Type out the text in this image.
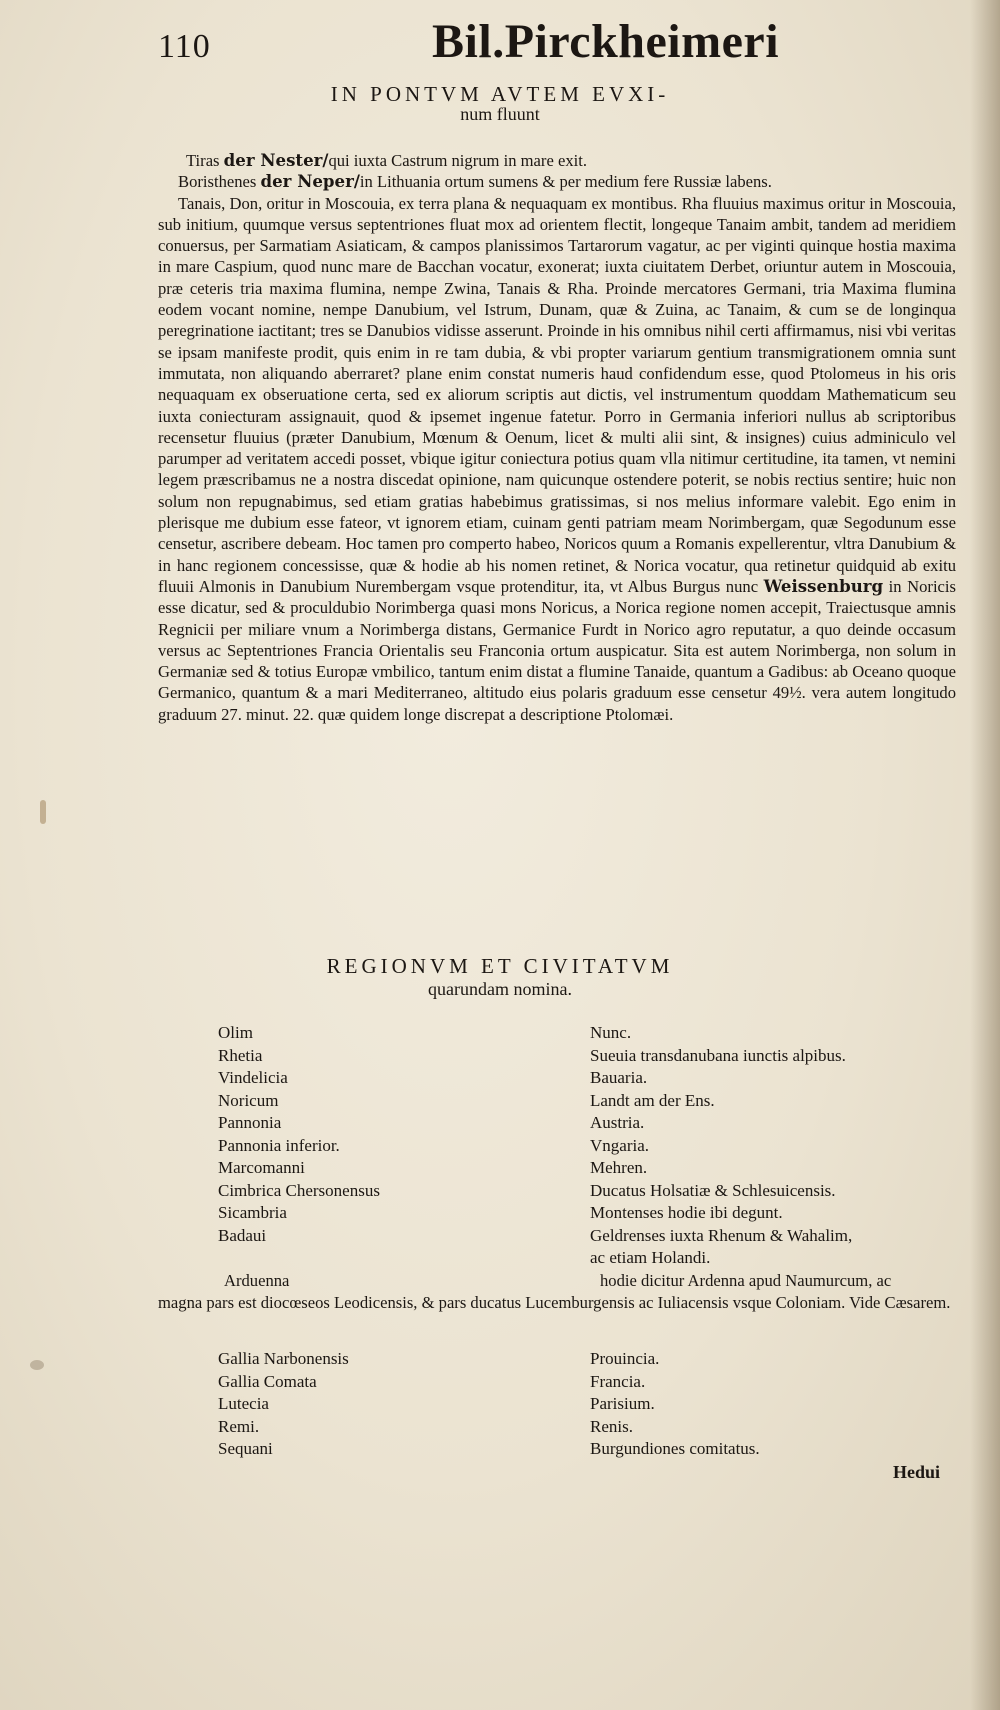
110	Bil.Pirckheimeri
IN PONTVM AVTEM EVXI-
num fluunt

Tiras der Nester/qui iuxta Castrum nigrum in mare exit.

Boristhenes der Neper/in Lithuania ortum sumens & per medium fere Russiæ labens.

Tanais, Don, oritur in Moscouia, ex terra plana & nequaquam ex montibus. Rha fluuius maximus oritur in Moscouia, sub initium, quumque versus septentriones fluat mox ad orientem flectit, longeque Tanaim ambit, tandem ad meridiem conuersus, per Sarmatiam Asiaticam, & campos planissimos Tartarorum vagatur, ac per viginti quinque hostia maxima in mare Caspium, quod nunc mare de Bacchan vocatur, exonerat; iuxta ciuitatem Derbet, oriuntur autem in Moscouia, præ ceteris tria maxima flumina, nempe Zwina, Tanais & Rha. Proinde mercatores Germani, tria Maxima flumina eodem vocant nomine, nempe Danubium, vel Istrum, Dunam, quæ & Zuina, ac Tanaim, & cum se de longinqua peregrinatione iactitant; tres se Danubios vidisse asserunt. Proinde in his omnibus nihil certi affirmamus, nisi vbi veritas se ipsam manifeste prodit, quis enim in re tam dubia, & vbi propter variarum gentium transmigrationem omnia sunt immutata, non aliquando aberraret? plane enim constat numeris haud confidendum esse, quod Ptolomeus in his oris nequaquam ex obseruatione certa, sed ex aliorum scriptis aut dictis, vel instrumentum quoddam Mathematicum seu iuxta coniecturam assignauit, quod & ipsemet ingenue fatetur. Porro in Germania inferiori nullus ab scriptoribus recensetur fluuius (præter Danubium, Mœnum & Oenum, licet & multi alii sint, & insignes) cuius adminiculo vel parumper ad veritatem accedi posset, vbique igitur coniectura potius quam vlla nitimur certitudine, ita tamen, vt nemini legem præscribamus ne a nostra discedat opinione, nam quicunque ostendere poterit, se nobis rectius sentire; huic non solum non repugnabimus, sed etiam gratias habebimus gratissimas, si nos melius informare valebit. Ego enim in plerisque me dubium esse fateor, vt ignorem etiam, cuinam genti patriam meam Norimbergam, quæ Segodunum esse censetur, ascribere debeam. Hoc tamen pro comperto habeo, Noricos quum a Romanis expellerentur, vltra Danubium & in hanc regionem concessisse, quæ & hodie ab his nomen retinet, & Norica vocatur, qua retinetur quidquid ab exitu fluuii Almonis in Danubium Nurembergam vsque protenditur, ita, vt Albus Burgus nunc Weissenburg in Noricis esse dicatur, sed & proculdubio Norimberga quasi mons Noricus, a Norica regione nomen accepit, Traiectusque amnis Regnicii per miliare vnum a Norimberga distans, Germanice Furdt in Norico agro reputatur, a quo deinde occasum versus ac Septentriones Francia Orientalis seu Franconia ortum auspicatur. Sita est autem Norimberga, non solum in Germaniæ sed & totius Europæ vmbilico, tantum enim distat a flumine Tanaide, quantum a Gadibus: ab Oceano quoque Germanico, quantum & a mari Mediterraneo, altitudo eius polaris graduum esse censetur 49½. vera autem longitudo graduum 27. minut. 22. quæ quidem longe discrepat a descriptione Ptolomæi.

REGIONVM ET CIVITATVM
quarundam nomina.
Olim	Nunc.
Rhetia	Sueuia transdanubana iunctis alpibus.
Vindelicia	Bauaria.
Noricum	Landt am der Ens.
Pannonia	Austria.
Pannonia inferior.	Vngaria.
Marcomanni	Mehren.
Cimbrica Chersonensus	Ducatus Holsatiæ & Schlesuicensis.
Sicambria	Montenses hodie ibi degunt.
Badaui	Geldrenses iuxta Rhenum & Wahalim,
ac etiam Holandi.
Arduenna	hodie dicitur Ardenna apud Naumurcum, ac
magna pars est diocœseos Leodicensis, & pars ducatus Lucemburgensis ac Iuliacensis vsque Coloniam. Vide Cæsarem.
Gallia Narbonensis	Prouincia.
Gallia Comata	Francia.
Lutecia	Parisium.
Remi.	Renis.
Sequani	Burgundiones comitatus.
Hedui
